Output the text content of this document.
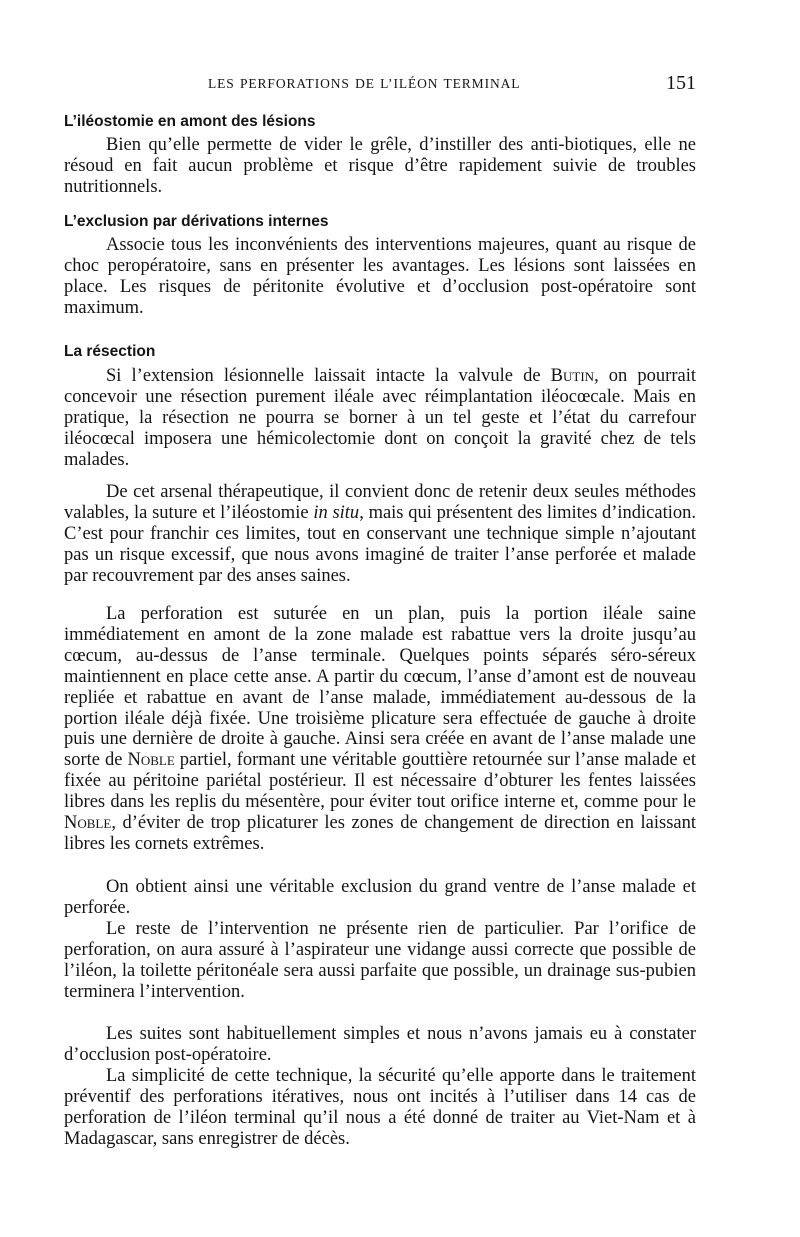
LES PERFORATIONS DE L’ILÉON TERMINAL	151
L’iléostomie en amont des lésions

Bien qu’elle permette de vider le grêle, d’instiller des anti-biotiques, elle ne résoud en fait aucun problème et risque d’être rapidement suivie de troubles nutritionnels.

L’exclusion par dérivations internes

Associe tous les inconvénients des interventions majeures, quant au risque de choc peropératoire, sans en présenter les avantages. Les lésions sont laissées en place. Les risques de péritonite évolutive et d’occlusion post-opératoire sont maximum.

La résection

Si l’extension lésionnelle laissait intacte la valvule de Butin, on pourrait concevoir une résection purement iléale avec réimplantation iléocœcale. Mais en pratique, la résection ne pourra se borner à un tel geste et l’état du carrefour iléocœcal imposera une hémicolectomie dont on conçoit la gravité chez de tels malades.

De cet arsenal thérapeutique, il convient donc de retenir deux seules méthodes valables, la suture et l’iléostomie in situ, mais qui présentent des limites d’indication. C’est pour franchir ces limites, tout en conservant une technique simple n’ajoutant pas un risque excessif, que nous avons imaginé de traiter l’anse perforée et malade par recouvrement par des anses saines.

La perforation est suturée en un plan, puis la portion iléale saine immédiatement en amont de la zone malade est rabattue vers la droite jusqu’au cœcum, au-dessus de l’anse terminale. Quelques points séparés séro-séreux maintiennent en place cette anse. A partir du cœcum, l’anse d’amont est de nouveau repliée et rabattue en avant de l’anse malade, immédiatement au-dessous de la portion iléale déjà fixée. Une troisième plicature sera effectuée de gauche à droite puis une dernière de droite à gauche. Ainsi sera créée en avant de l’anse malade une sorte de Noble partiel, formant une véritable gouttière retournée sur l’anse malade et fixée au péritoine pariétal postérieur. Il est nécessaire d’obturer les fentes laissées libres dans les replis du mésentère, pour éviter tout orifice interne et, comme pour le Noble, d’éviter de trop plicaturer les zones de changement de direction en laissant libres les cornets extrêmes.

On obtient ainsi une véritable exclusion du grand ventre de l’anse malade et perforée.

Le reste de l’intervention ne présente rien de particulier. Par l’orifice de perforation, on aura assuré à l’aspirateur une vidange aussi correcte que possible de l’iléon, la toilette péritonéale sera aussi parfaite que possible, un drainage sus-pubien terminera l’intervention.

Les suites sont habituellement simples et nous n’avons jamais eu à constater d’occlusion post-opératoire.

La simplicité de cette technique, la sécurité qu’elle apporte dans le traitement préventif des perforations itératives, nous ont incités à l’utiliser dans 14 cas de perforation de l’iléon terminal qu’il nous a été donné de traiter au Viet-Nam et à Madagascar, sans enregistrer de décès.
